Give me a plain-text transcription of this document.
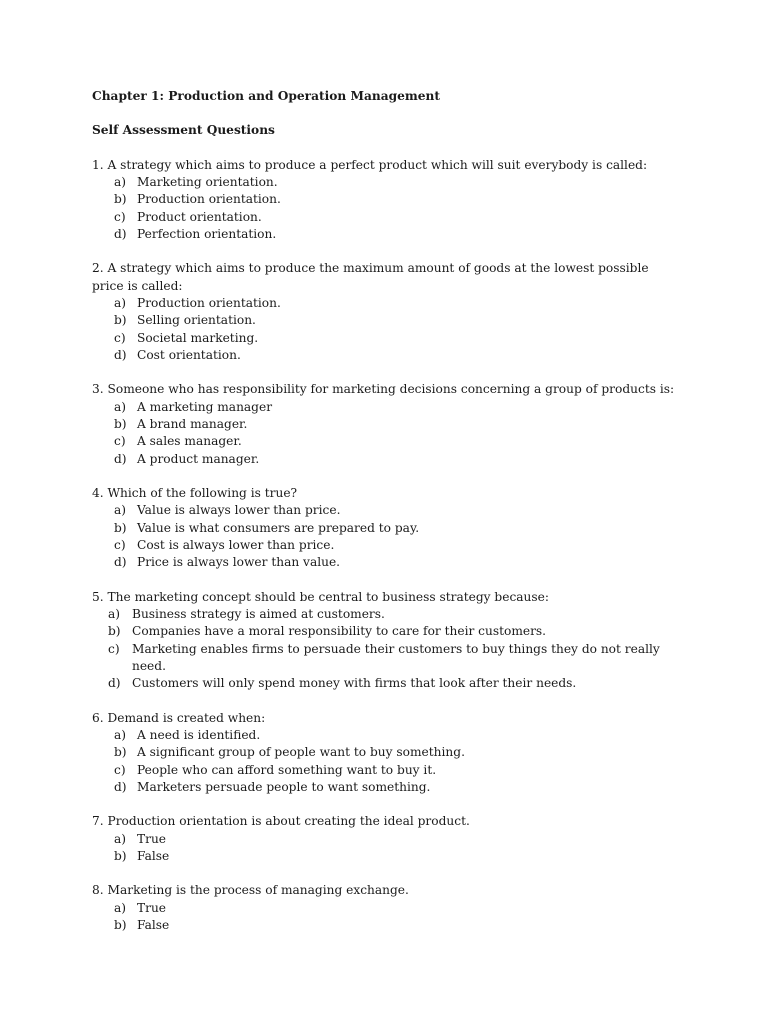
Chapter 1: Production and Operation Management
Self Assessment Questions
1. A strategy which aims to produce a perfect product which will suit everybody is called:
a) Marketing orientation.
b) Production orientation.
c) Product orientation.
d) Perfection orientation.
2. A strategy which aims to produce the maximum amount of goods at the lowest possible price is called:
a) Production orientation.
b) Selling orientation.
c) Societal marketing.
d) Cost orientation.
3. Someone who has responsibility for marketing decisions concerning a group of products is:
a) A marketing manager
b) A brand manager.
c) A sales manager.
d) A product manager.
4. Which of the following is true?
a) Value is always lower than price.
b) Value is what consumers are prepared to pay.
c) Cost is always lower than price.
d) Price is always lower than value.
5. The marketing concept should be central to business strategy because:
a) Business strategy is aimed at customers.
b) Companies have a moral responsibility to care for their customers.
c)	Marketing enables firms to persuade their customers to buy things they do not really need.
d) Customers will only spend money with firms that look after their needs.
6. Demand is created when:
a) A need is identified.
b) A significant group of people want to buy something.
c) People who can afford something want to buy it.
d) Marketers persuade people to want something.
7. Production orientation is about creating the ideal product.
a) True
b) False
8. Marketing is the process of managing exchange.
a) True
b) False
